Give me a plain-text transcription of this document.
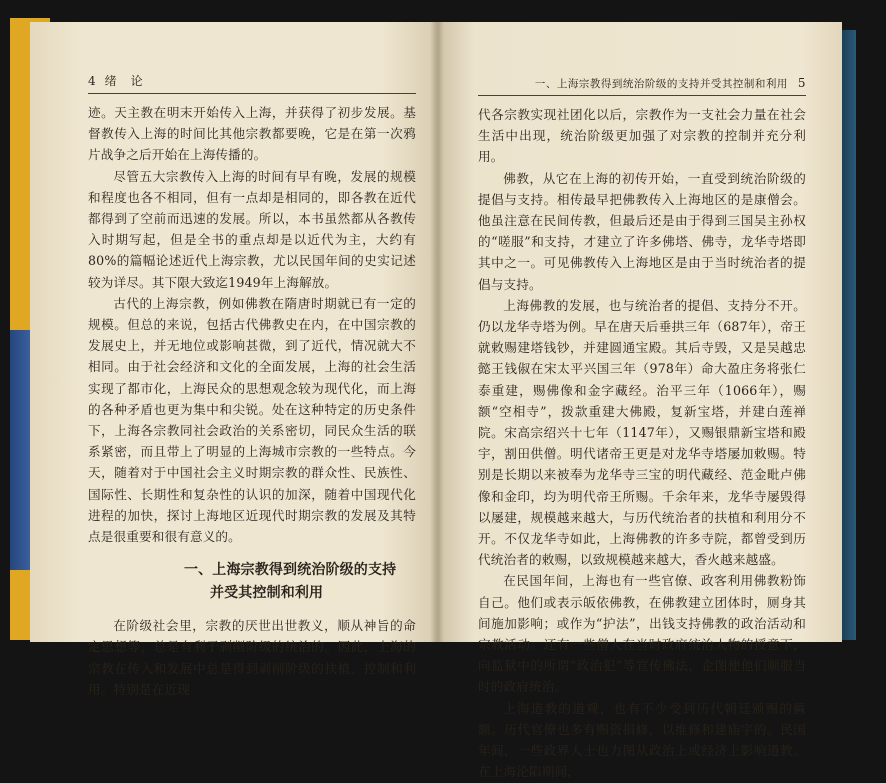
4 绪　论

迹。天主教在明末开始传入上海，并获得了初步发展。基督教传入上海的时间比其他宗教都要晚，它是在第一次鸦片战争之后开始在上海传播的。

尽管五大宗教传入上海的时间有早有晚，发展的规模和程度也各不相同，但有一点却是相同的，即各教在近代都得到了空前而迅速的发展。所以，本书虽然都从各教传入时期写起，但是全书的重点却是以近代为主，大约有80%的篇幅论述近代上海宗教，尤以民国年间的史实记述较为详尽。其下限大致迄1949年上海解放。

古代的上海宗教，例如佛教在隋唐时期就已有一定的规模。但总的来说，包括古代佛教史在内，在中国宗教的发展史上，并无地位或影响甚微，到了近代，情况就大不相同。由于社会经济和文化的全面发展，上海的社会生活实现了都市化，上海民众的思想观念较为现代化，而上海的各种矛盾也更为集中和尖锐。处在这种特定的历史条件下，上海各宗教同社会政治的关系密切，同民众生活的联系紧密，而且带上了明显的上海城市宗教的一些特点。今天，随着对于中国社会主义时期宗教的群众性、民族性、国际性、长期性和复杂性的认识的加深，随着中国现代化进程的加快，探讨上海地区近现代时期宗教的发展及其特点是很重要和很有意义的。

一、上海宗教得到统治阶级的支持
并受其控制和利用

在阶级社会里，宗教的厌世出世教义，顺从神旨的命定思想等，总是有利于剥削阶级的统治的。因此，上海的宗教在传入和发展中总是得到剥削阶级的扶植、控制和利用。特别是在近现

一、上海宗教得到统治阶级的支持并受其控制和利用 5

代各宗教实现社团化以后，宗教作为一支社会力量在社会生活中出现，统治阶级更加强了对宗教的控制并充分利用。

佛教，从它在上海的初传开始，一直受到统治阶级的提倡与支持。相传最早把佛教传入上海地区的是康僧会。他虽注意在民间传教，但最后还是由于得到三国吴主孙权的“嗟服”和支持，才建立了许多佛塔、佛寺，龙华寺塔即其中之一。可见佛教传入上海地区是由于当时统治者的提倡与支持。

上海佛教的发展，也与统治者的提倡、支持分不开。仍以龙华寺塔为例。早在唐天后垂拱三年（687年），帝王就敕赐建塔钱钞，并建圆通宝殿。其后寺毁，又是吴越忠懿王钱俶在宋太平兴国三年（978年）命大盈庄务将张仁泰重建，赐佛像和金字藏经。治平三年（1066年），赐额“空相寺”，拨款重建大佛殿，复新宝塔，并建白莲禅院。宋高宗绍兴十七年（1147年），又赐银鼎新宝塔和殿宇，割田供僧。明代诸帝王更是对龙华寺塔屡加敕赐。特别是长期以来被奉为龙华寺三宝的明代藏经、范金毗卢佛像和金印，均为明代帝王所赐。千余年来，龙华寺屡毁得以屡建，规模越来越大，与历代统治者的扶植和利用分不开。不仅龙华寺如此，上海佛教的许多寺院，都曾受到历代统治者的敕赐，以致规模越来越大，香火越来越盛。

在民国年间，上海也有一些官僚、政客利用佛教粉饰自己。他们或表示皈依佛教，在佛教建立团体时，厕身其间施加影响；或作为“护法”，出钱支持佛教的政治活动和宗教活动。还有一些僧人在当时政府统治人物的授意下，向监狱中的所谓“政治犯”等宣传佛法，企图使他们顺服当时的政府统治。

上海道教的道观，也有不少受到历代朝廷颁赐的匾额。历代官僚也多有赐资捐修，以维修和建庙宇的。民国年间，一些政界人士也力图从政治上或经济上影响道教。在上海沦陷期间，
